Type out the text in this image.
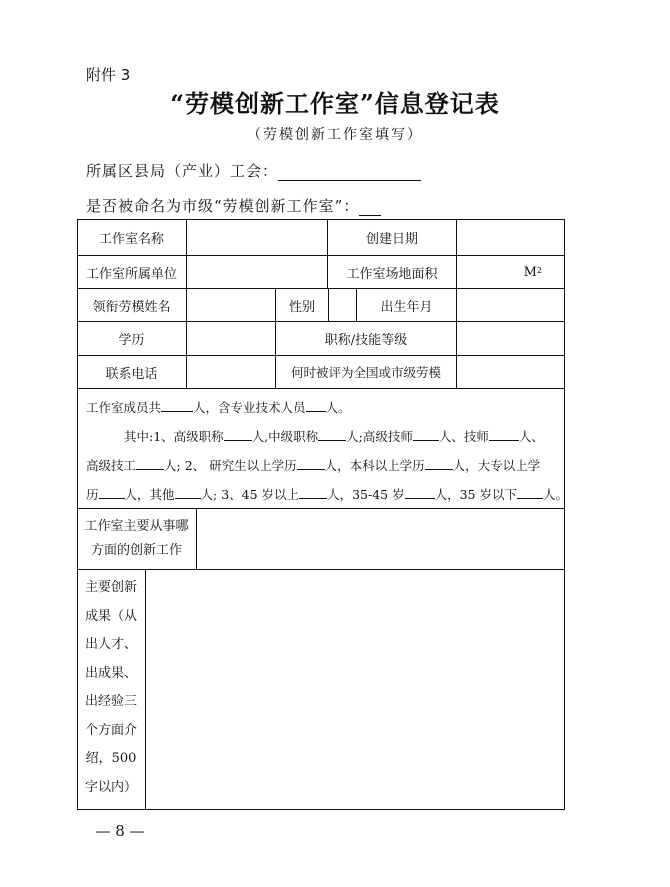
附件 3
“劳模创新工作室”信息登记表
（劳模创新工作室填写）
所属区县局（产业）工会：
是否被命名为市级“劳模创新工作室”：
工作室名称	创建日期
工作室所属单位	工作室场地面积	M 2
领衔劳模姓名	性别	出生年月
学历	职称/技能等级
联系电话	何时被评为全国或市级劳模

工作室成员共	人，含专业技术人员 人。

其中:1、高级职称 人,中级职称 人;高级技师 人、技师 人、

高级技工 人; 2、 研究生以上学历 人，本科以上学历 人，大专以上学

历 人，其他 人; 3、45 岁以上 人，35-45 岁 人，35 岁以下 人。

工作室主要从事哪
方面的创新工作
主要创新
成果（从
出人才、
出成果、
出经验三
个方面介
绍，500
字以内）
— 8 —
